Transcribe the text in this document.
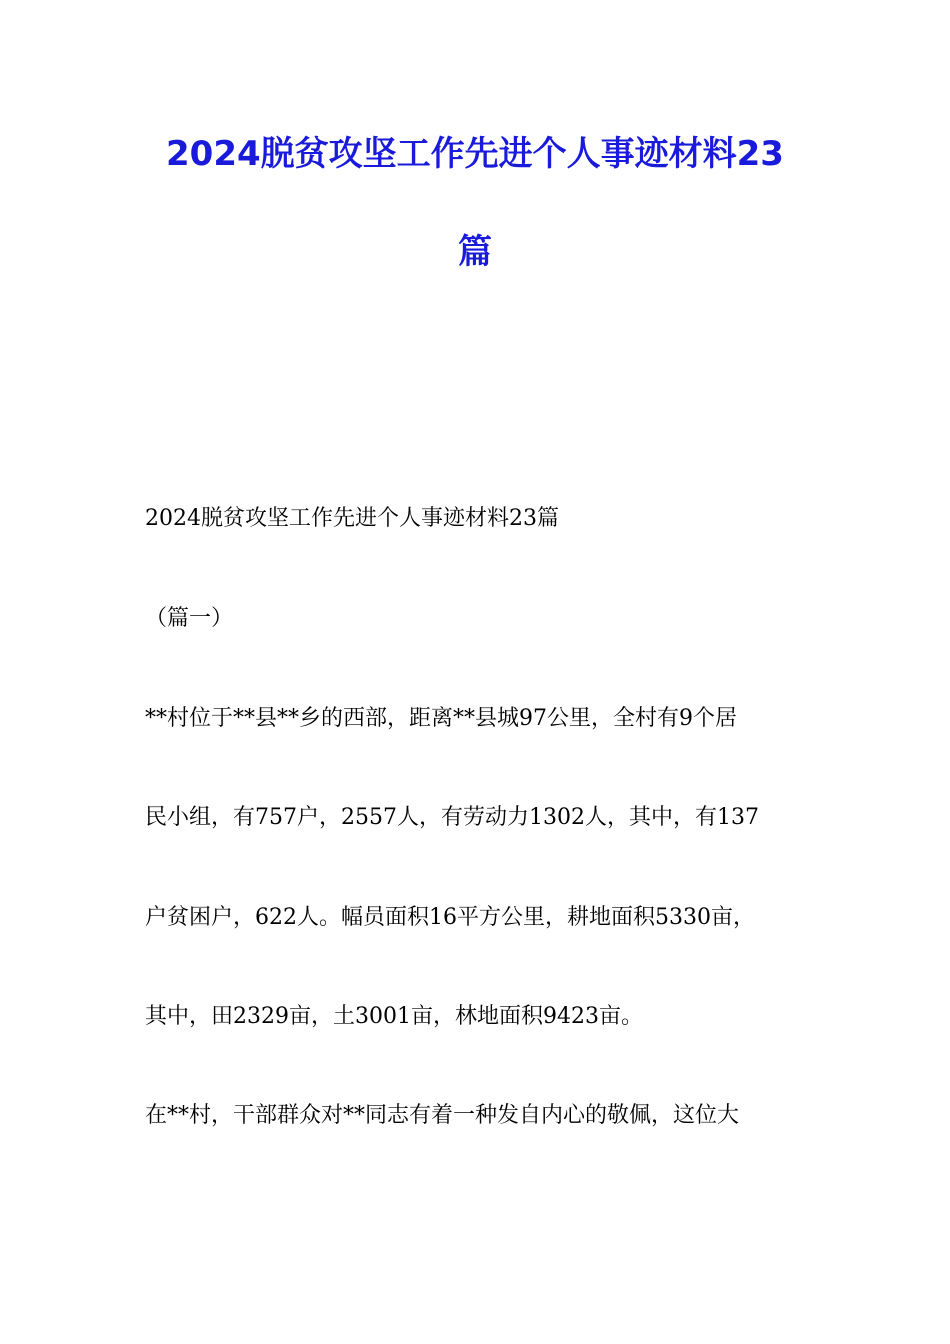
2024脱贫攻坚工作先进个人事迹材料23
篇

2024脱贫攻坚工作先进个人事迹材料23篇

（篇一）

**村位于**县**乡的西部，距离**县城97公里，全村有9个居

民小组，有757户，2557人，有劳动力1302人，其中，有137

户贫困户，622人。幅员面积16平方公里，耕地面积5330亩，

其中，田2329亩，土3001亩，林地面积9423亩。

在**村，干部群众对**同志有着一种发自内心的敬佩，这位大
